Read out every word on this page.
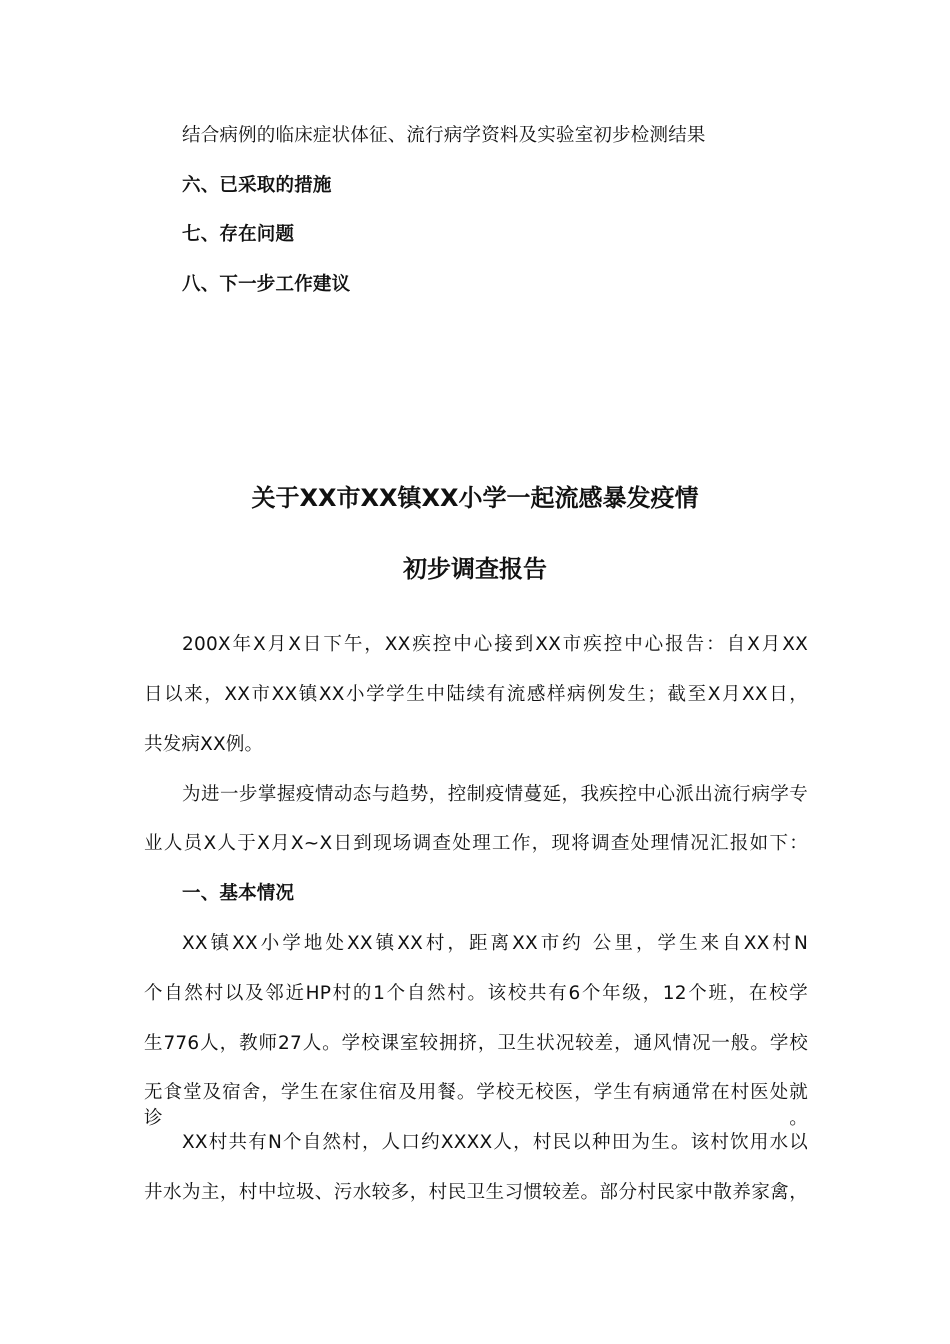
结合病例的临床症状体征、流行病学资料及实验室初步检测结果
六、已采取的措施
七、存在问题
八、下一步工作建议
关于XX市XX镇XX小学一起流感暴发疫情
初步调查报告
200X年X月X日下午，XX疾控中心接到XX市疾控中心报告：自X月XX
日以来，XX市XX镇XX小学学生中陆续有流感样病例发生；截至X月XX日，
共发病XX例。
为进一步掌握疫情动态与趋势，控制疫情蔓延，我疾控中心派出流行病学专
业人员X人于X月X~X日到现场调查处理工作，现将调查处理情况汇报如下：
一、基本情况
XX镇XX小学地处XX镇XX村，距离XX市约 公里，学生来自XX村N
个自然村以及邻近HP村的1个自然村。该校共有6个年级，12个班，在校学
生776人，教师27人。学校课室较拥挤，卫生状况较差，通风情况一般。学校
无食堂及宿舍，学生在家住宿及用餐。学校无校医，学生有病通常在村医处就诊。
XX村共有N个自然村，人口约XXXX人，村民以种田为生。该村饮用水以
井水为主，村中垃圾、污水较多，村民卫生习惯较差。部分村民家中散养家禽，
